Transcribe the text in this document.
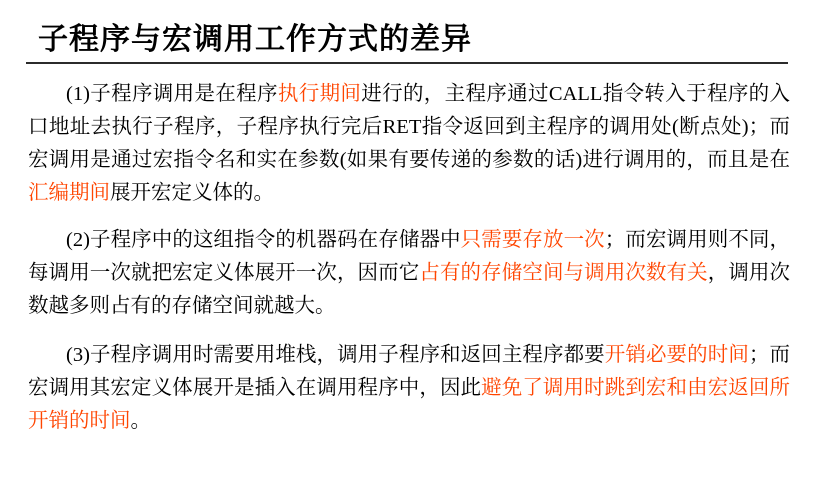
子程序与宏调用工作方式的差异

(1)子程序调用是在程序执行期间进行的，主程序通过CALL指令转入于程序的入口地址去执行子程序，子程序执行完后RET指令返回到主程序的调用处(断点处)；而宏调用是通过宏指令名和实在参数(如果有要传递的参数的话)进行调用的，而且是在汇编期间展开宏定义体的。

(2)子程序中的这组指令的机器码在存储器中只需要存放一次；而宏调用则不同，每调用一次就把宏定义体展开一次，因而它占有的存储空间与调用次数有关，调用次数越多则占有的存储空间就越大。

(3)子程序调用时需要用堆栈，调用子程序和返回主程序都要开销必要的时间；而宏调用其宏定义体展开是插入在调用程序中，因此避免了调用时跳到宏和由宏返回所开销的时间。
